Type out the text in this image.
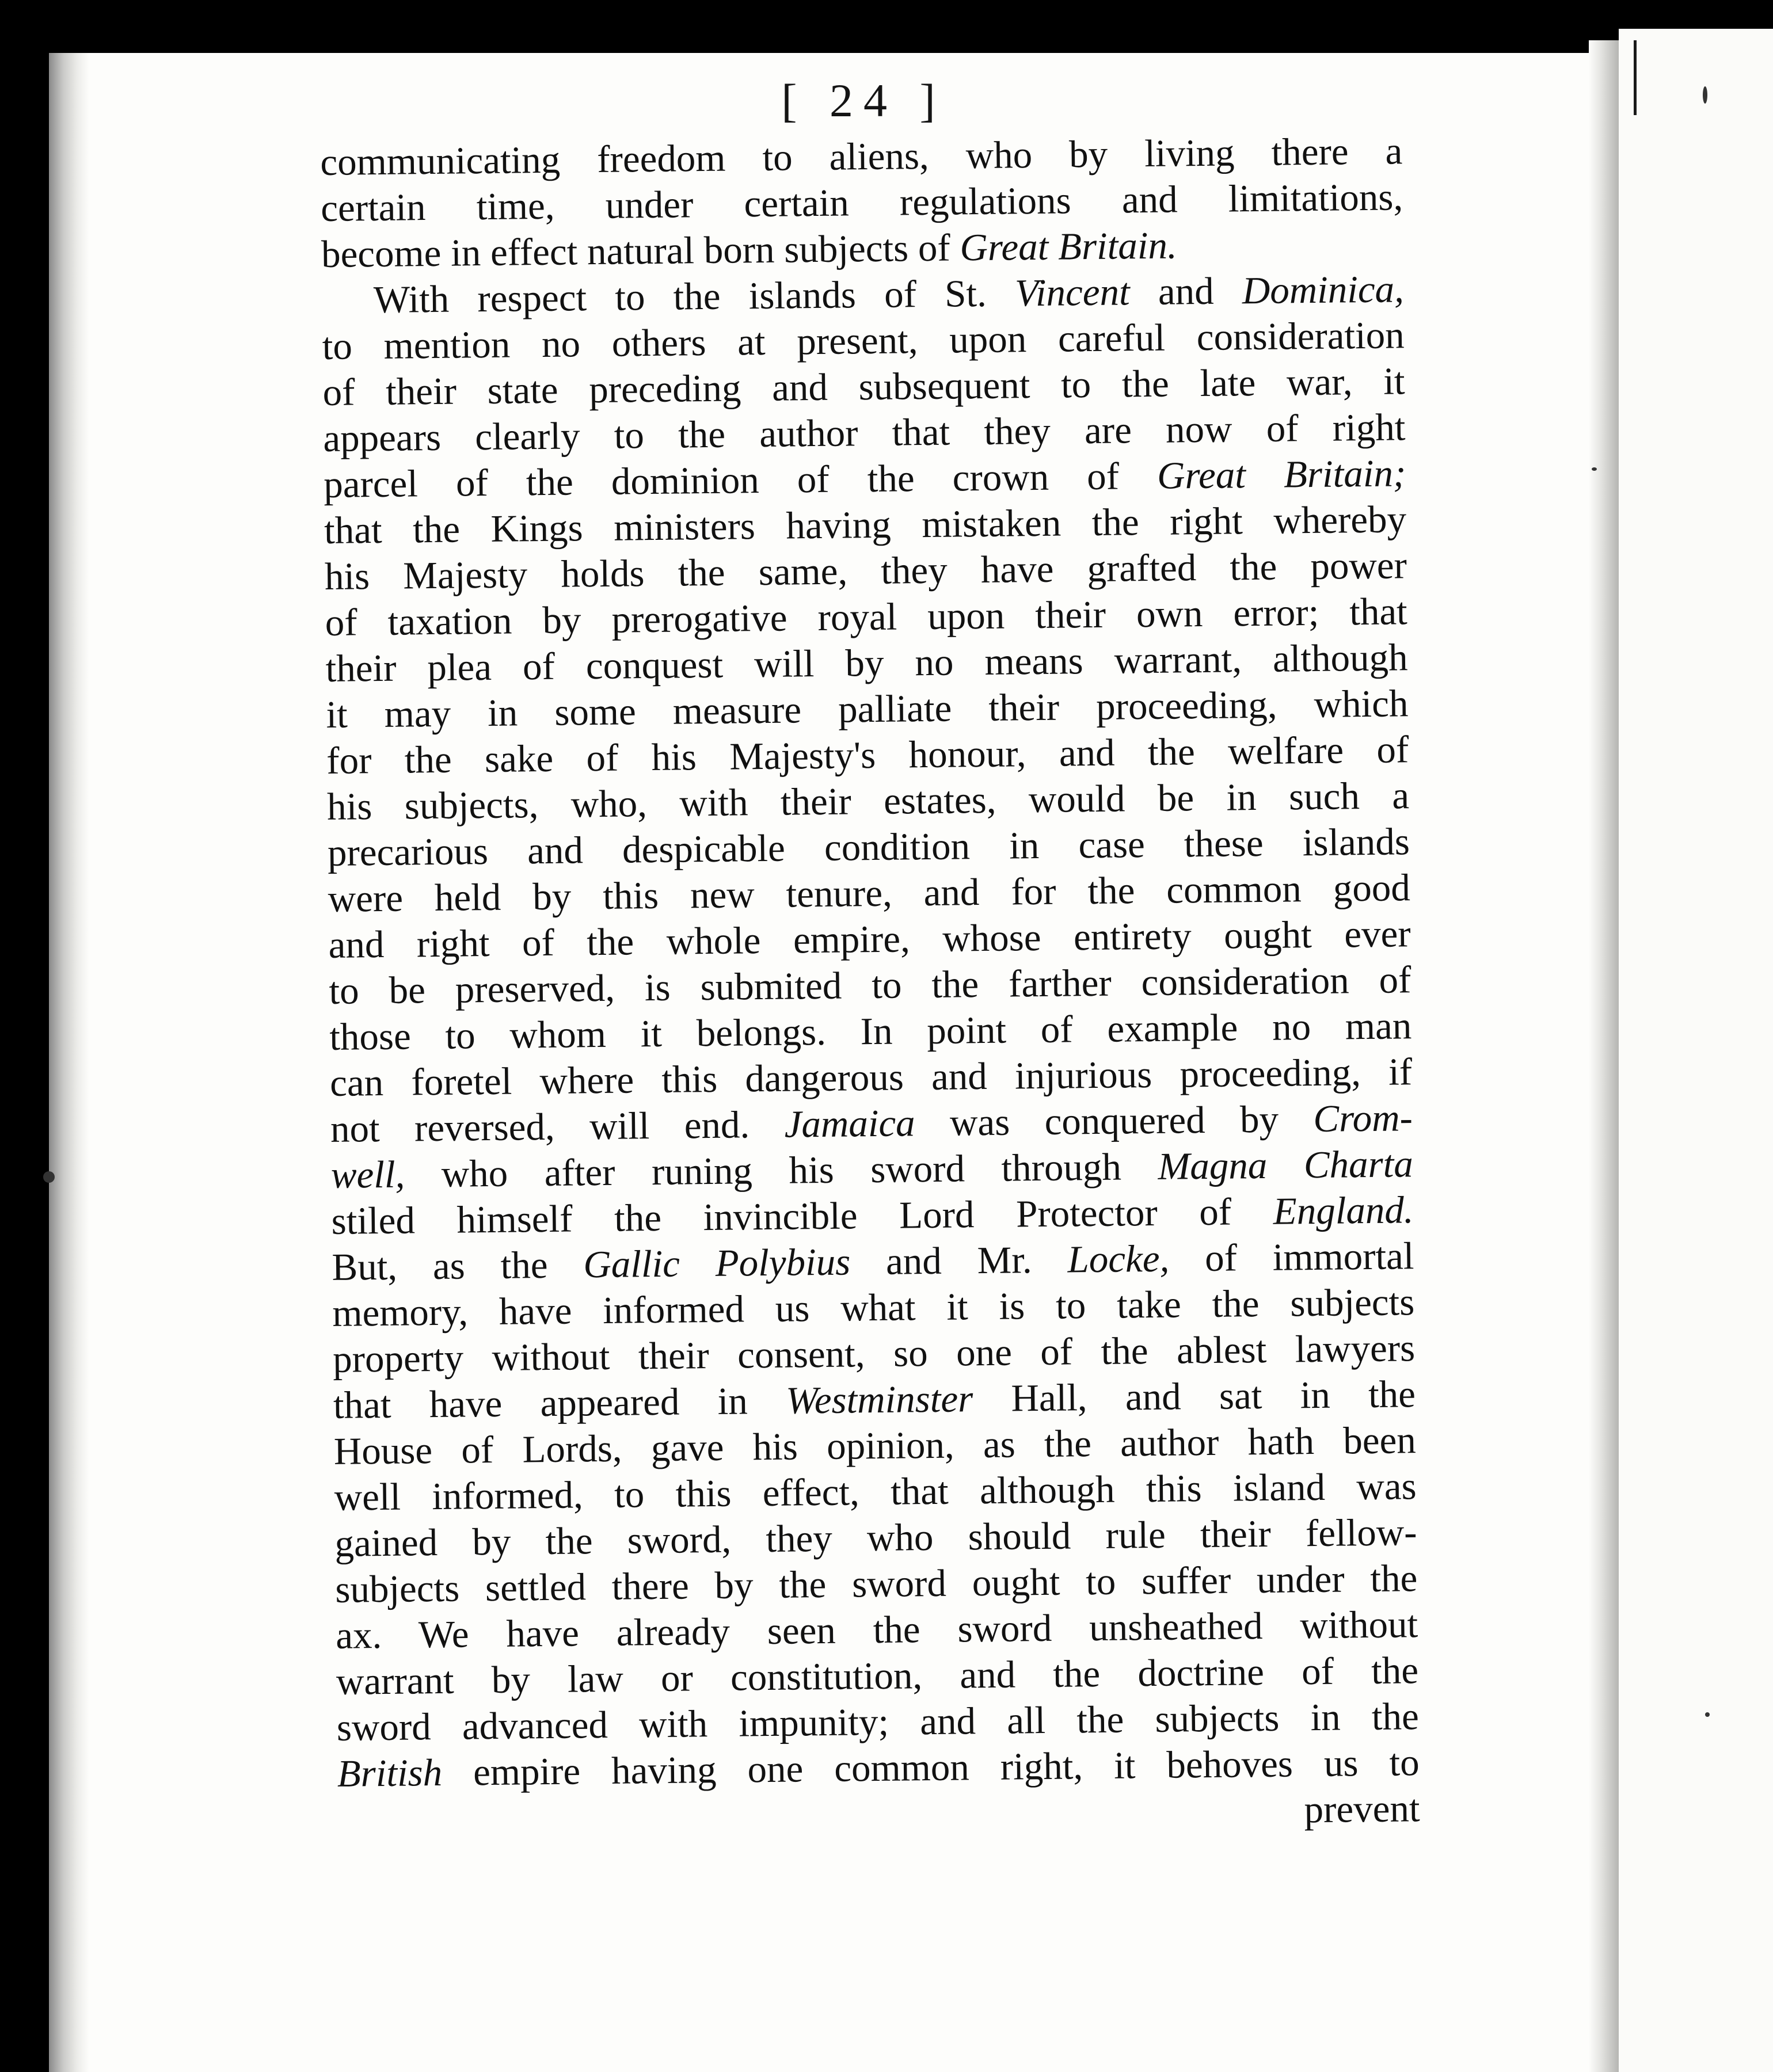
[ 24 ]
communicating freedom to aliens, who by living there a
certain time, under certain regulations and limitations,
become in effect natural born subjects of Great Britain.
With respect to the islands of St. Vincent and Dominica,
to mention no others at present, upon careful consideration
of their state preceding and subsequent to the late war, it
appears clearly to the author that they are now of right
parcel of the dominion of the crown of Great Britain;
that the Kings ministers having mistaken the right whereby
his Majesty holds the same, they have grafted the power
of taxation by prerogative royal upon their own error; that
their plea of conquest will by no means warrant, although
it may in some measure palliate their proceeding, which
for the sake of his Majesty's honour, and the welfare of
his subjects, who, with their estates, would be in such a
precarious and despicable condition in case these islands
were held by this new tenure, and for the common good
and right of the whole empire, whose entirety ought ever
to be preserved, is submited to the farther consideration of
those to whom it belongs. In point of example no man
can foretel where this dangerous and injurious proceeding, if
not reversed, will end. Jamaica was conquered by Crom-
well, who after runing his sword through Magna Charta
stiled himself the invincible Lord Protector of England.
But, as the Gallic Polybius and Mr. Locke, of immortal
memory, have informed us what it is to take the subjects
property without their consent, so one of the ablest lawyers
that have appeared in Westminster Hall, and sat in the
House of Lords, gave his opinion, as the author hath been
well informed, to this effect, that although this island was
gained by the sword, they who should rule their fellow-
subjects settled there by the sword ought to suffer under the
ax. We have already seen the sword unsheathed without
warrant by law or constitution, and the doctrine of the
sword advanced with impunity; and all the subjects in the
British empire having one common right, it behoves us to
prevent
